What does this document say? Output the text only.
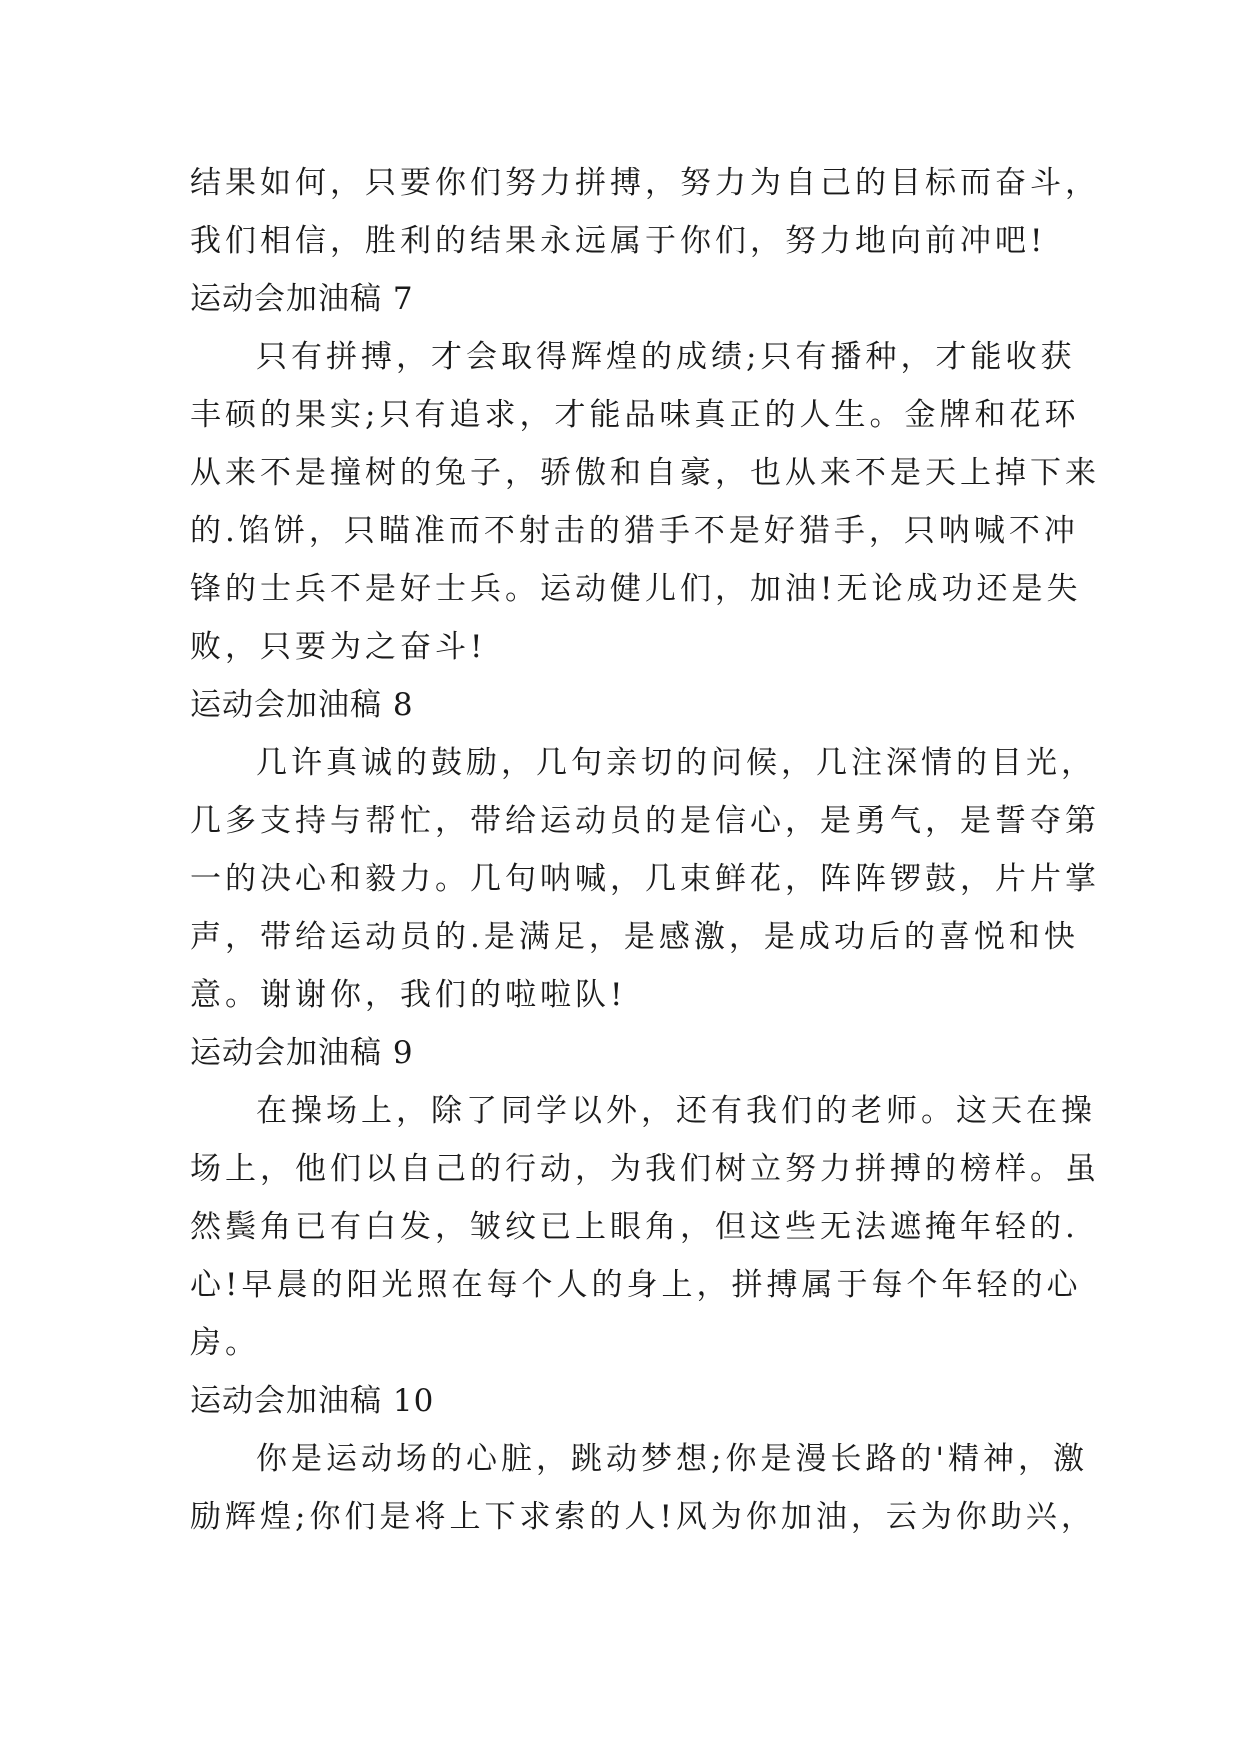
结果如何，只要你们努力拼搏，努力为自己的目标而奋斗，
我们相信，胜利的结果永远属于你们，努力地向前冲吧!
运动会加油稿 7
只有拼搏，才会取得辉煌的成绩;只有播种，才能收获
丰硕的果实;只有追求，才能品味真正的人生。金牌和花环
从来不是撞树的兔子，骄傲和自豪，也从来不是天上掉下来
的.馅饼，只瞄准而不射击的猎手不是好猎手，只呐喊不冲
锋的士兵不是好士兵。运动健儿们，加油!无论成功还是失
败，只要为之奋斗!
运动会加油稿 8
几许真诚的鼓励，几句亲切的问候，几注深情的目光，
几多支持与帮忙，带给运动员的是信心，是勇气，是誓夺第
一的决心和毅力。几句呐喊，几束鲜花，阵阵锣鼓，片片掌
声，带给运动员的.是满足，是感激，是成功后的喜悦和快
意。谢谢你，我们的啦啦队!
运动会加油稿 9
在操场上，除了同学以外，还有我们的老师。这天在操
场上，他们以自己的行动，为我们树立努力拼搏的榜样。虽
然鬓角已有白发，皱纹已上眼角，但这些无法遮掩年轻的.
心!早晨的阳光照在每个人的身上，拼搏属于每个年轻的心
房。
运动会加油稿 10
你是运动场的心脏，跳动梦想;你是漫长路的'精神，激
励辉煌;你们是将上下求索的人!风为你加油，云为你助兴，
